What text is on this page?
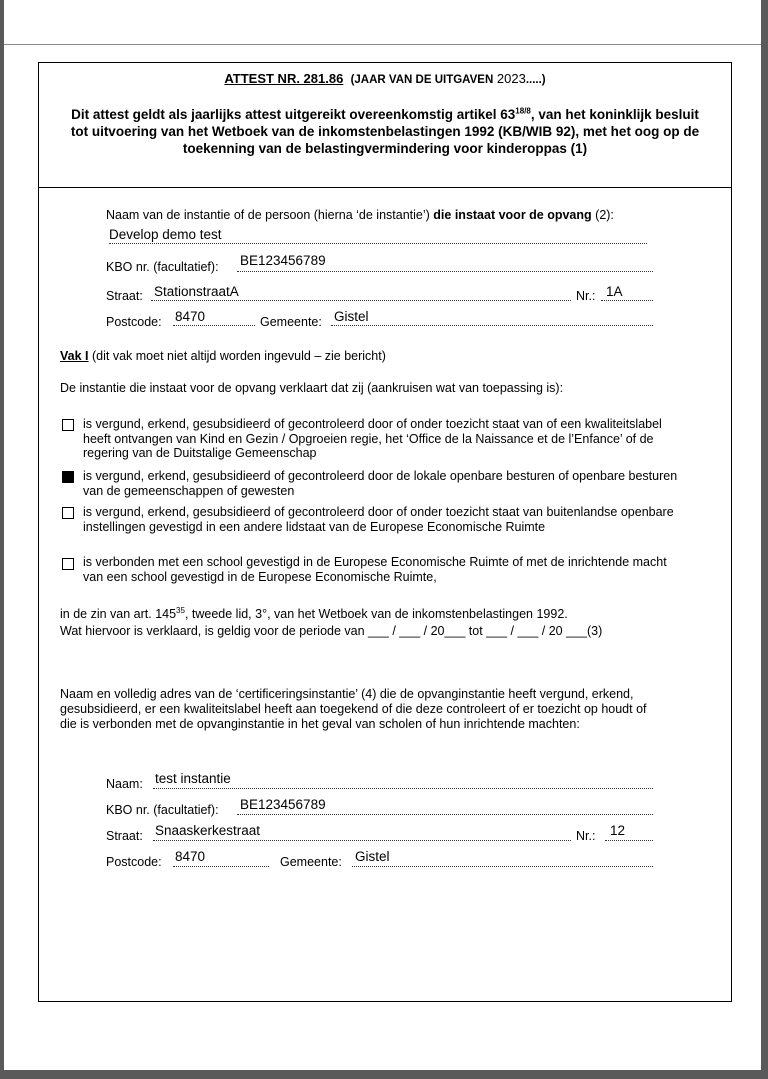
ATTEST NR. 281.86 (JAAR VAN DE UITGAVEN 2023.....)
Dit attest geldt als jaarlijks attest uitgereikt overeenkomstig artikel $63^{18/8}$, van het koninklijk besluit tot uitvoering van het Wetboek van de inkomstenbelastingen 1992 (KB/WIB 92), met het oog op de toekenning van de belastingvermindering voor kinderoppas (1)
Naam van de instantie of de persoon (hierna ‘de instantie’) die instaat voor de opvang (2):
Develop demo test
KBO nr. (facultatief): BE123456789
Straat: StationstraatA	Nr.: 1A
Postcode: 8470	Gemeente: Gistel
Vak I (dit vak moet niet altijd worden ingevuld – zie bericht)
De instantie die instaat voor de opvang verklaart dat zij (aankruisen wat van toepassing is):
is vergund, erkend, gesubsidieerd of gecontroleerd door of onder toezicht staat van of een kwaliteitslabel heeft ontvangen van Kind en Gezin / Opgroeien regie, het ‘Office de la Naissance et de l’Enfance’ of de regering van de Duitstalige Gemeenschap
is vergund, erkend, gesubsidieerd of gecontroleerd door de lokale openbare besturen of openbare besturen van de gemeenschappen of gewesten
is vergund, erkend, gesubsidieerd of gecontroleerd door of onder toezicht staat van buitenlandse openbare instellingen gevestigd in een andere lidstaat van de Europese Economische Ruimte
is verbonden met een school gevestigd in de Europese Economische Ruimte of met de inrichtende macht van een school gevestigd in de Europese Economische Ruimte,
in de zin van art. $145^{35}$, tweede lid, 3°, van het Wetboek van de inkomstenbelastingen 1992.
Wat hiervoor is verklaard, is geldig voor de periode van ___ / ___ / 20___ tot ___ / ___ / 20 ___(3)
Naam en volledig adres van de ‘certificeringsinstantie’ (4) die de opvanginstantie heeft vergund, erkend, gesubsidieerd, er een kwaliteitslabel heeft aan toegekend of die deze controleert of er toezicht op houdt of die is verbonden met de opvanginstantie in het geval van scholen of hun inrichtende machten:
Naam: test instantie
KBO nr. (facultatief): BE123456789
Straat: Snaaskerkestraat	Nr.: 12
Postcode: 8470	Gemeente: Gistel
